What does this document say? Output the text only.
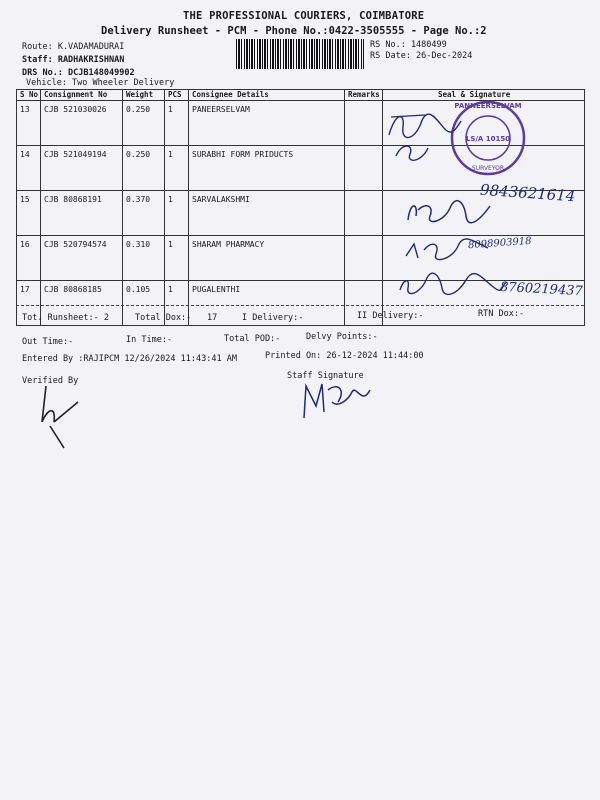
THE PROFESSIONAL COURIERS, COIMBATORE
Delivery Runsheet - PCM - Phone No.:0422-3505555 - Page No.:2
Route: K.VADAMADURAI
Staff: RADHAKRISHNAN
DRS No.: DCJB148049902
Vehicle: Two Wheeler Delivery
RS No.: 1480499
RS Date: 26-Dec-2024
S No	Consignment No	Weight	PCS	Consignee Details	Remarks	Seal & Signature
13	CJB 521030026	0.250	1	PANEERSELVAM		
14	CJB 521049194	0.250	1	SURABHI FORM PRIDUCTS		
15	CJB 80868191	0.370	1	SARVALAKSHMI		
16	CJB 520794574	0.310	1	SHARAM PHARMACY		
17	CJB 80868185	0.105	1	PUGALENTHI		
PANNEERSELVAM
LS/A 10150
SURVEYOR
9843621614
8098903918
8760219437
Tot. Runsheet:- 2	Total Dox:- 17	I Delivery:-	II Delivery:-	RTN Dox:-
Out Time:-	In Time:-	Total POD:-	Delvy Points:-
Entered By :RAJIPCM 12/26/2024 11:43:41 AM	Printed On: 26-12-2024 11:44:00
Verified By	Staff Signature
